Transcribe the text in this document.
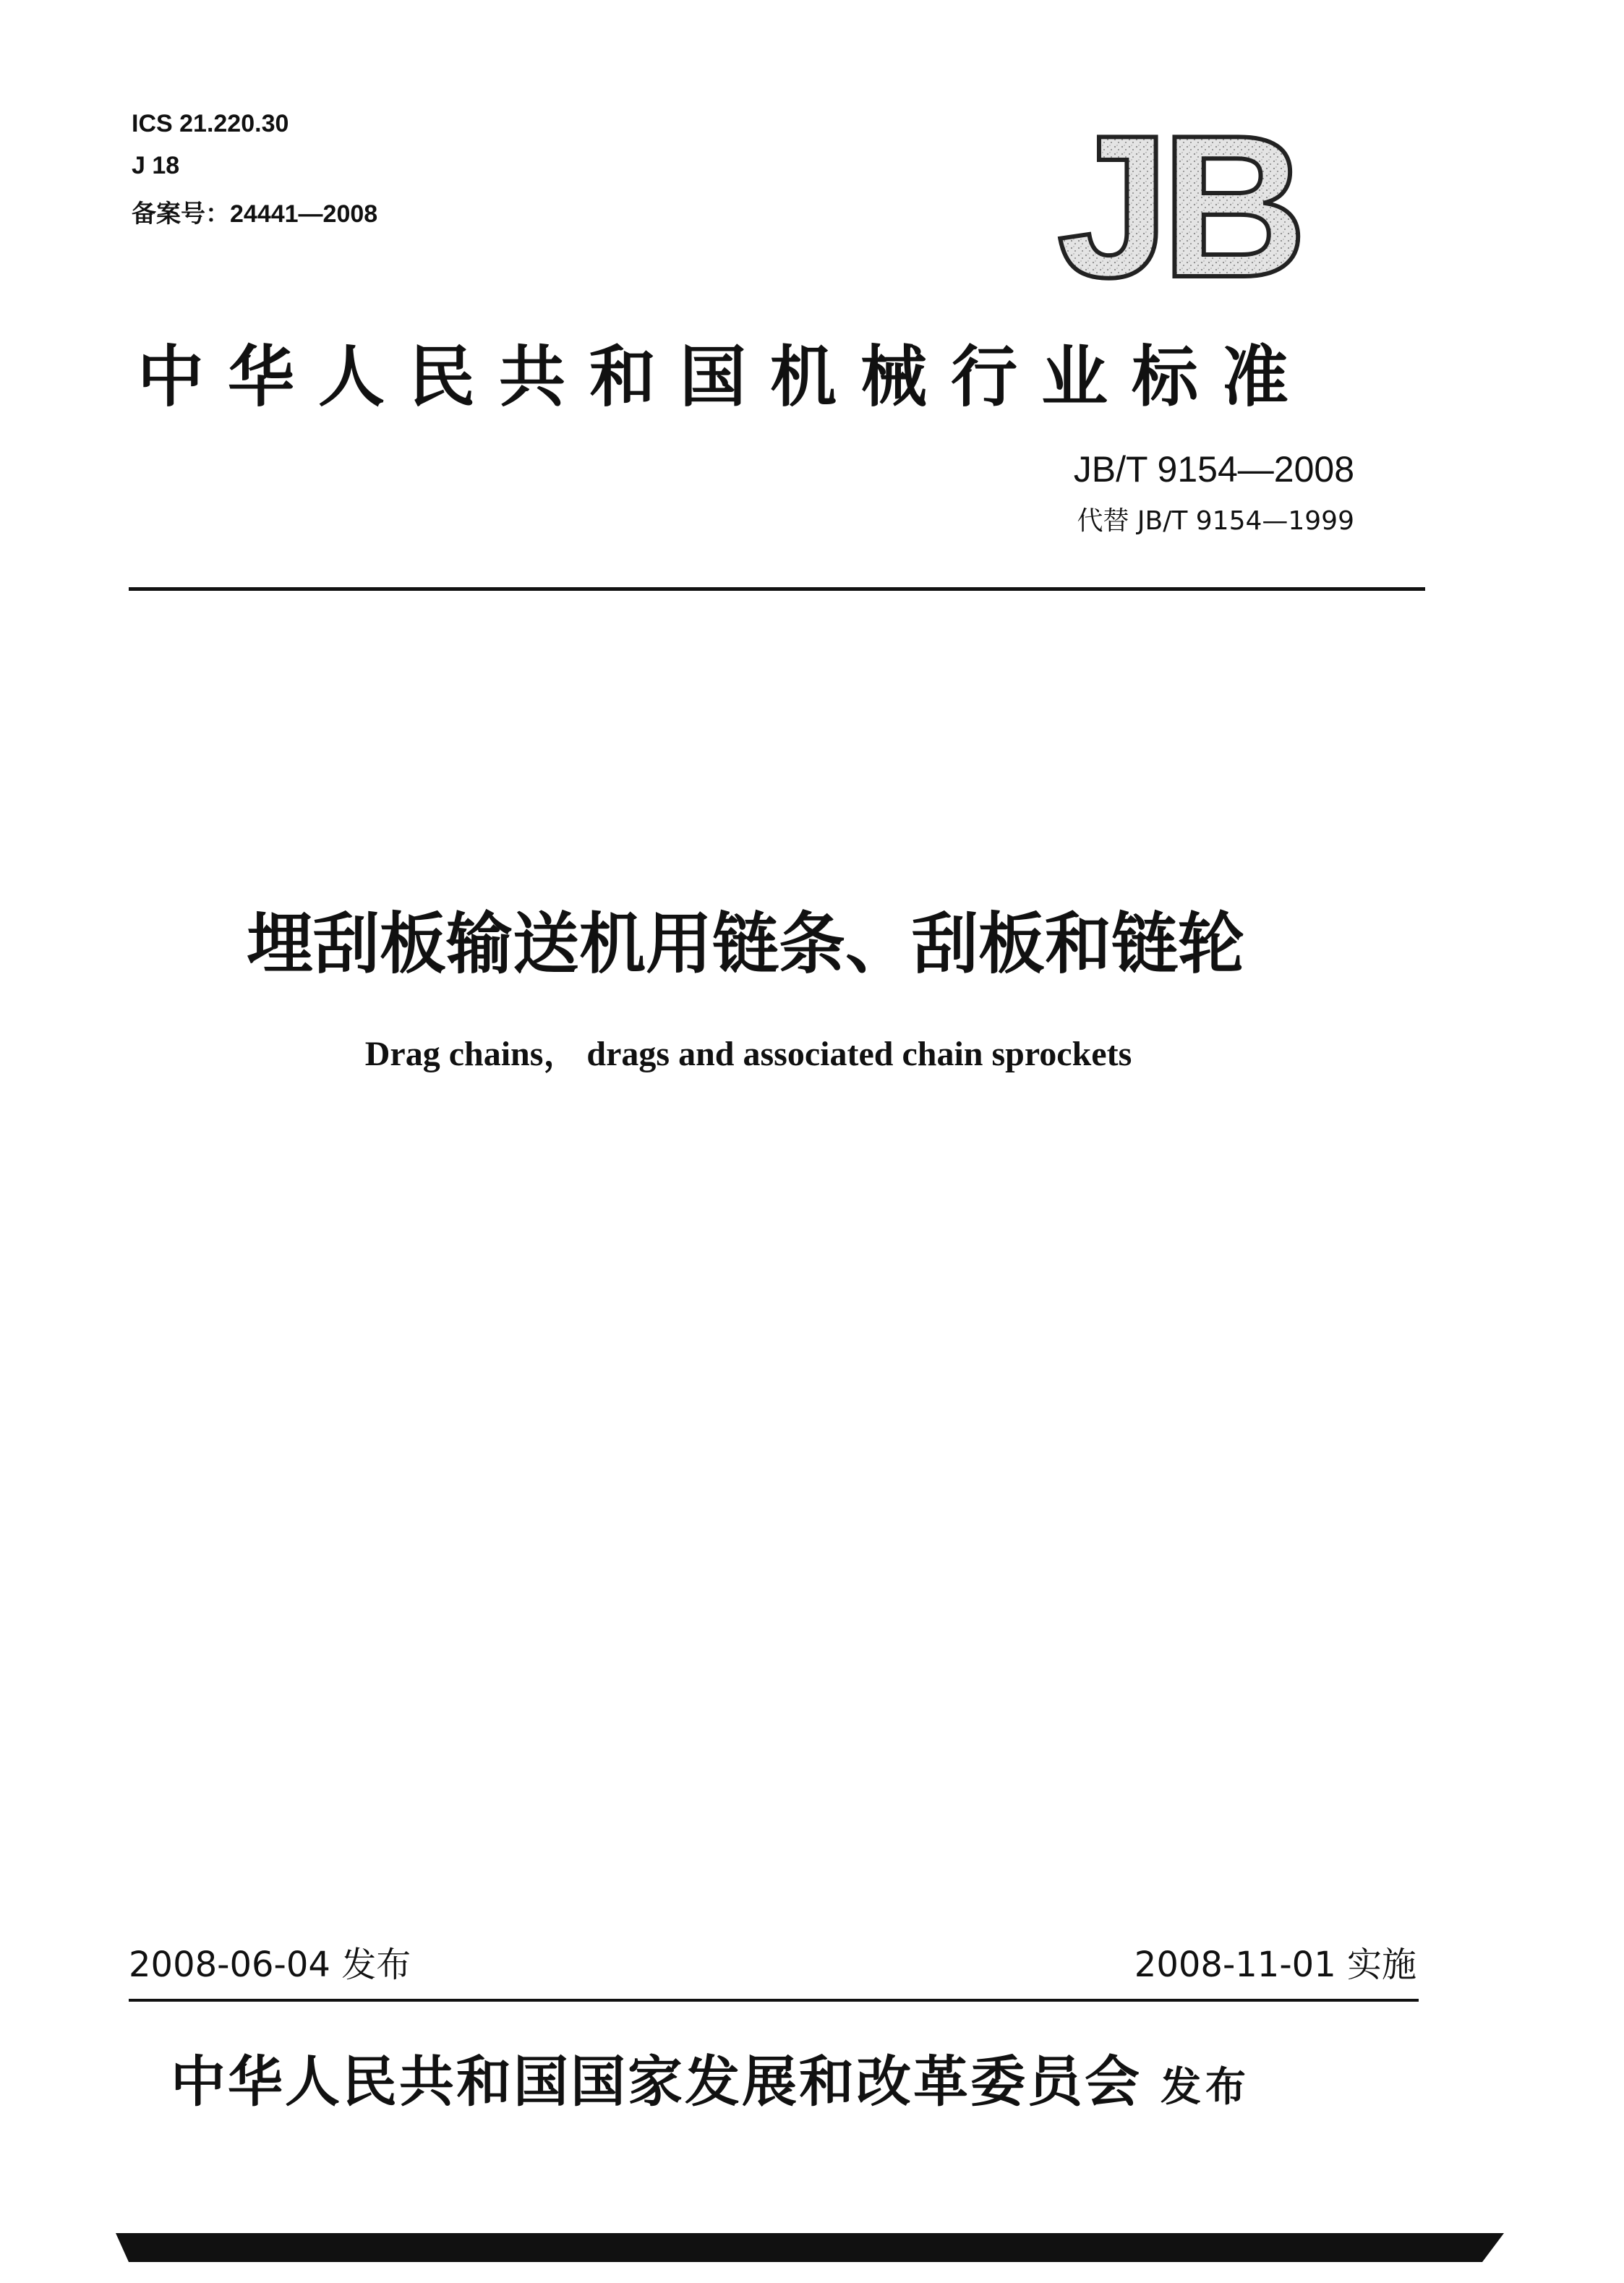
ICS 21.220.30
J 18
备案号：24441—2008	JB
中华人民共和国机械行业标准
JB/T 9154—2008
代替 JB/T 9154—1999
埋刮板输送机用链条、刮板和链轮
Drag chains， drags and associated chain sprockets
2008-06-04 发布	2008-11-01 实施
中华人民共和国国家发展和改革委员会 发布
